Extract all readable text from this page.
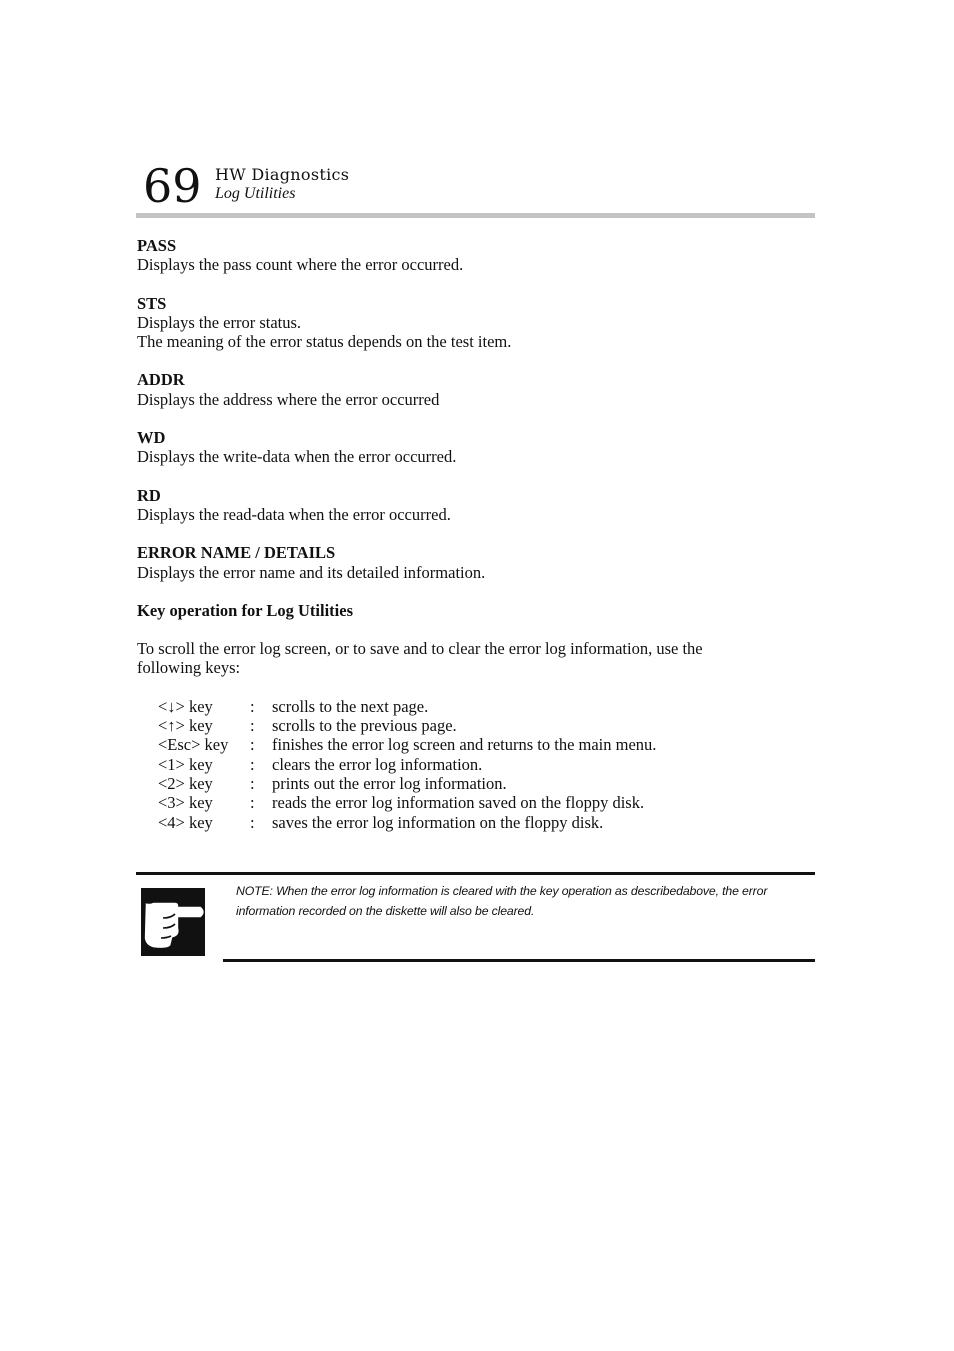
69 HW Diagnostics
Log Utilities

PASS

Displays the pass count where the error occurred.

STS

Displays the error status.

The meaning of the error status depends on the test item.

ADDR

Displays the address where the error occurred

WD

Displays the write-data when the error occurred.

RD

Displays the read-data when the error occurred.

ERROR NAME / DETAILS

Displays the error name and its detailed information.

Key operation for Log Utilities

To scroll the error log screen, or to save and to clear the error log information, use the
following keys:
<↓> key	:	scrolls to the next page.
<↑> key	:	scrolls to the previous page.
<Esc> key	:	finishes the error log screen and returns to the main menu.
<1> key	:	clears the error log information.
<2> key	:	prints out the error log information.
<3> key	:	reads the error log information saved on the floppy disk.
<4> key	:	saves the error log information on the floppy disk.
NOTE: When the error log information is cleared with the key operation as describedabove, the error
information recorded on the diskette will also be cleared.
